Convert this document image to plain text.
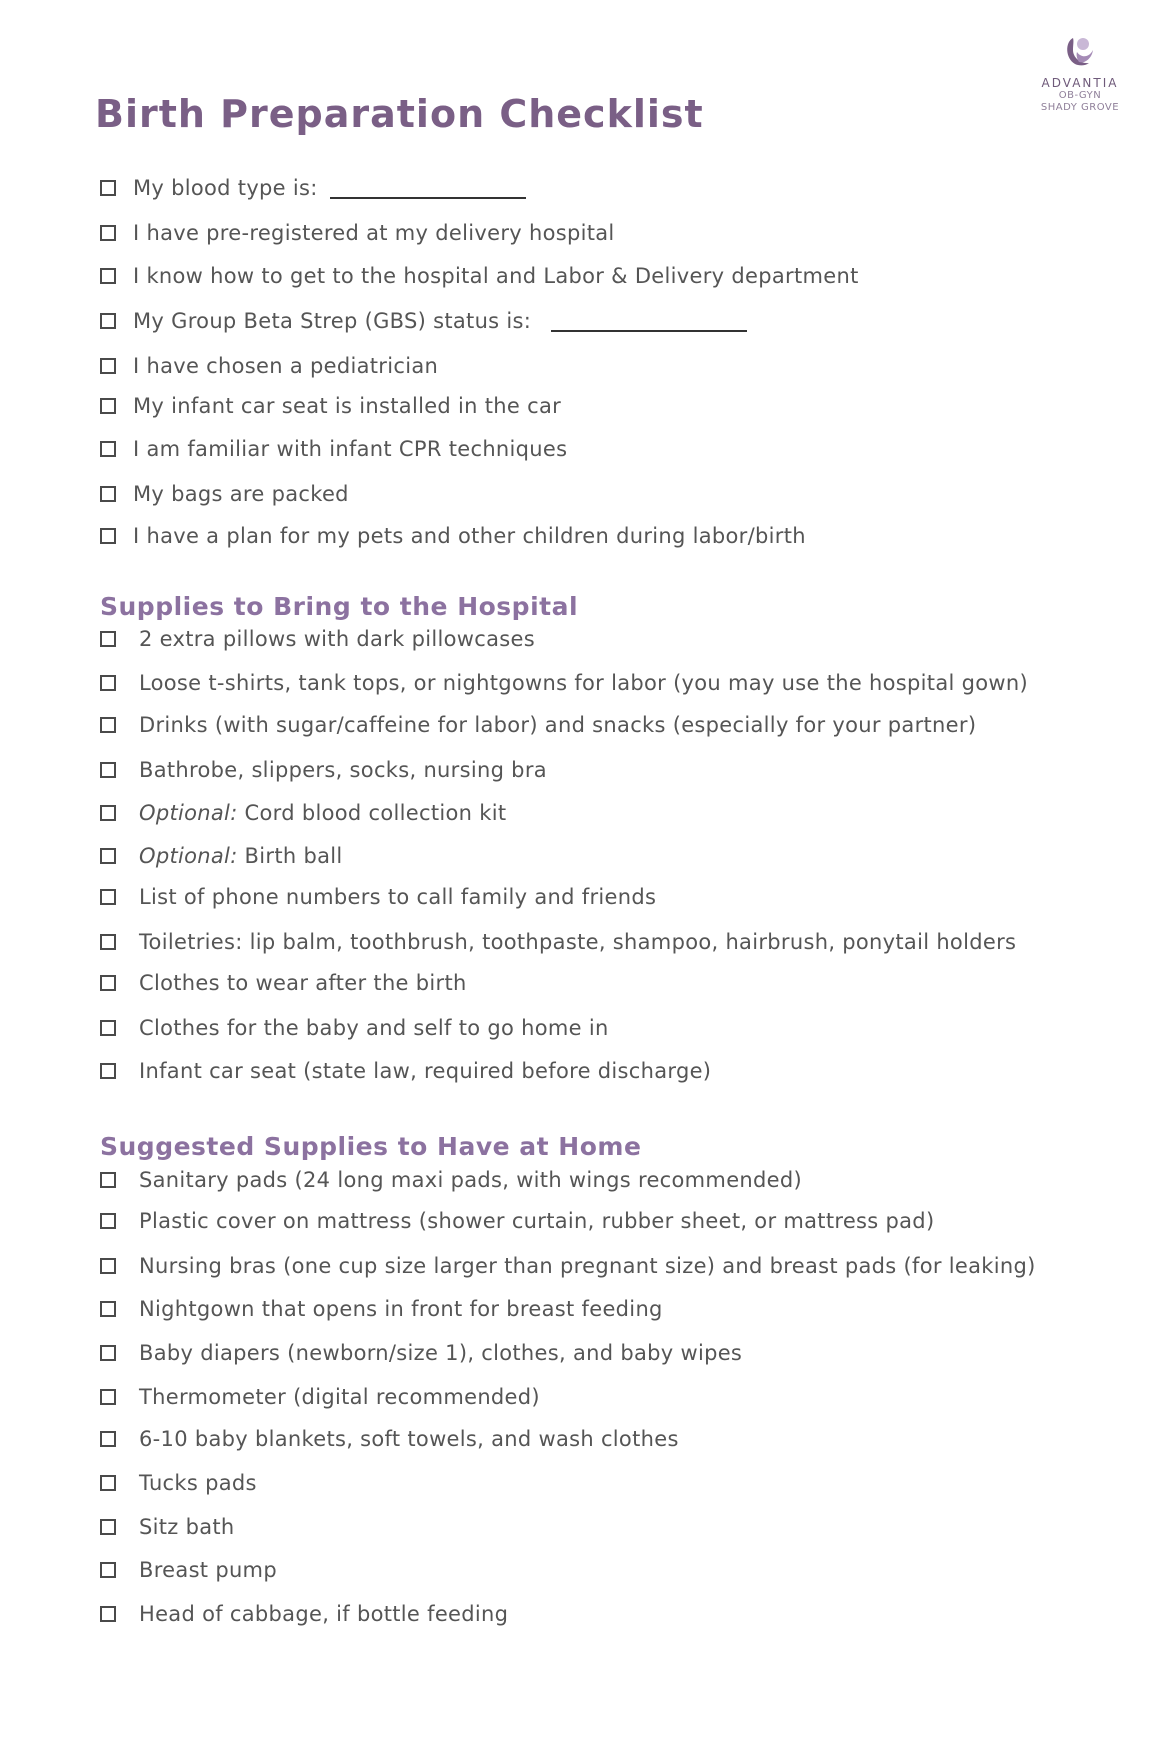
ADVANTIA
OB-GYN
SHADY GROVE
Birth Preparation Checklist
My blood type is:
I have pre-registered at my delivery hospital
I know how to get to the hospital and Labor & Delivery department
My Group Beta Strep (GBS) status is:
I have chosen a pediatrician
My infant car seat is installed in the car
I am familiar with infant CPR techniques
My bags are packed
I have a plan for my pets and other children during labor/birth
Supplies to Bring to the Hospital
2 extra pillows with dark pillowcases
Loose t-shirts, tank tops, or nightgowns for labor (you may use the hospital gown)
Drinks (with sugar/caffeine for labor) and snacks (especially for your partner)
Bathrobe, slippers, socks, nursing bra
Optional: Cord blood collection kit
Optional: Birth ball
List of phone numbers to call family and friends
Toiletries: lip balm, toothbrush, toothpaste, shampoo, hairbrush, ponytail holders
Clothes to wear after the birth
Clothes for the baby and self to go home in
Infant car seat (state law, required before discharge)
Suggested Supplies to Have at Home
Sanitary pads (24 long maxi pads, with wings recommended)
Plastic cover on mattress (shower curtain, rubber sheet, or mattress pad)
Nursing bras (one cup size larger than pregnant size) and breast pads (for leaking)
Nightgown that opens in front for breast feeding
Baby diapers (newborn/size 1), clothes, and baby wipes
Thermometer (digital recommended)
6-10 baby blankets, soft towels, and wash clothes
Tucks pads
Sitz bath
Breast pump
Head of cabbage, if bottle feeding
